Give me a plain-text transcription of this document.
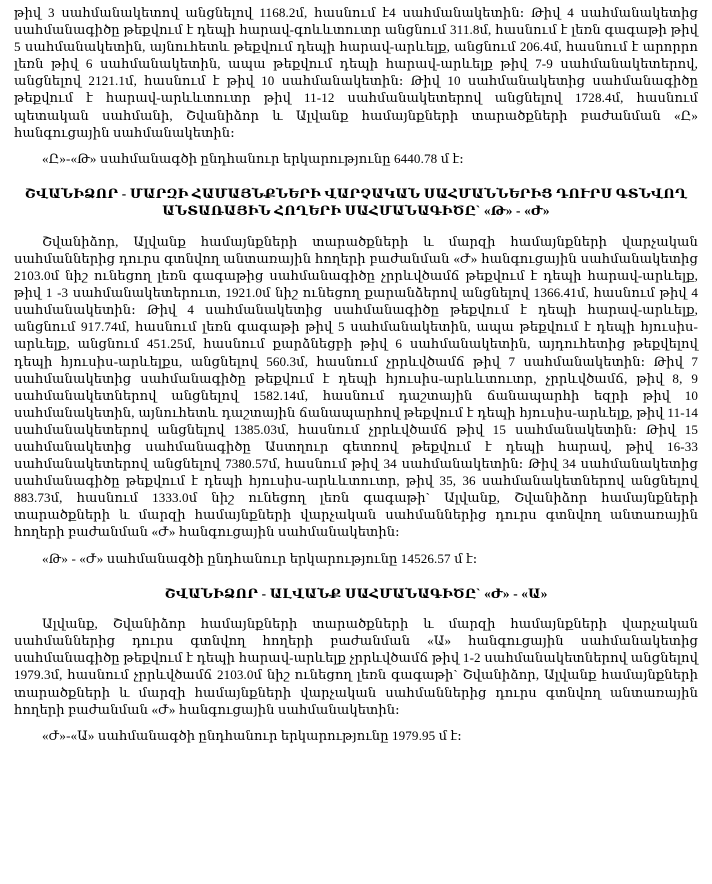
թիվ 3 սահմանակետով անցնելով 1168.2մ, հասնում է4 սահմանակետին։ Թիվ 4 սահմանակետից սահմանագիծը թեքվում է դեպի հարավ-գոևևտուտր անցնում 311.8մ, հասնում է լեռն գագաթի թիվ 5 սահմանակետին, այնուհետև թեքվում դեպի հարավ-արևելք, անցնում 206.4մ, հասնում է արորրո լեռն թիվ 6 սահմանակետին, ապա թեքվում դեպի հարավ-արևելք թիվ 7-9 սահմանակետերով, անցնելով 2121.1մ, հասնում է թիվ 10 սահմանակետին։ Թիվ 10 սահմանակետից սահմանագիծը թեքվում է հարավ-արևևտուտր թիվ 11-12 սահմանակետերով անցնելով 1728.4մ, հասնում պետական սահմանի, Շվանիձոր և Ալվանք համայնքների տարածքների բաժանման «Ը» հանգուցային սահմանակետին։

«Ը»-«Թ» սահմանագծի ընդհանուր երկարությունը 6440.78 մ է։

ՇՎԱՆԻՁՈՐ - ՄԱՐԶԻ ՀԱՄԱՅՆՔՆԵՐԻ ՎԱՐՉԱԿԱՆ ՍԱՀՄԱՆՆԵՐԻՑ ԴՈՒՐՍ ԳՏՆՎՈՂ

ԱՆՏԱՌԱՅԻՆ ՀՈՂԵՐԻ ՍԱՀՄԱՆԱԳԻԾԸ` «Թ» - «Ժ»

Շվանիձոր, Ալվանք համայնքների տարածքների և մարզի համայնքների վարչական սահմաններից դուրս գտնվող անտառային հողերի բաժանման «Ժ» հանգուցային սահմանակետից 2103.0մ նիշ ունեցող լեռն գագաթից սահմանագիծը չրրևվծամճ թեքվում է դեպի հարավ-արևելք, թիվ 1 -3 սահմանակետերուտ, 1921.0մ նիշ ունեցող քարանձերով անցնելով 1366.41մ, հասնում թիվ 4 սահմանակետին։ Թիվ 4 սահմանակետից սահմանագիծը թեքվում է դեպի հարավ-արևելք, անցնում 917.74մ, հասնում լեռն գագաթի թիվ 5 սահմանակետին, ապա թեքվում է դեպի հյուսիս-արևելք, անցնում 451.25մ, հասնում քարձնեցբի թիվ 6 սահմանակետին, այդուհետից թեքվելով դեպի հյուսիս-արևելքս, անցնելով 560.3մ, հասնում չրրևվծամճ թիվ 7 սահմանակետին։ Թիվ 7 սահմանակետից սահմանագիծը թեքվում է դեպի հյուսիս-արևևտուտր, չրրևվծամճ, թիվ 8, 9 սահմանակետներով անցնելով 1582.14մ, հասնում դաշտային ճանապարհի եզրի թիվ 10 սահմանակետին, այնուհետև դաշտային ճանապարհով թեքվում է դեպի հյուսիս-արևելք, թիվ 11-14 սահմանակետերով անցնելով 1385.03մ, հասնում չրրևվծամճ թիվ 15 սահմանակետին։ Թիվ 15 սահմանակետից սահմանագիծը Աստղուր գետռով թեքվում է դեպի հարավ, թիվ 16-33 սահմանակետերով անցնելով 7380.57մ, հասնում թիվ 34 սահմանակետին։ Թիվ 34 սահմանակետից սահմանագիծը թեքվում է դեպի հյուսիս-արևևտուտր, թիվ 35, 36 սահմանակետներով անցնելով 883.73մ, հասնում 1333.0մ նիշ ունեցող լեռն գագաթի` Ալվանք, Շվանիձոր համայնքների տարածքների և մարզի համայնքների վարչական սահմաններից դուրս գտնվող անտառային հողերի բաժանման «Ժ» հանգուցային սահմանակետին։

«Թ» - «Ժ» սահմանագծի ընդհանուր երկարությունը 14526.57 մ է։

ՇՎԱՆԻՁՈՐ - ԱԼՎԱՆՔ ՍԱՀՄԱՆԱԳԻԾԸ` «Ժ» - «Ա»

Ալվանք, Շվանիձոր համայնքների տարածքների և մարզի համայնքների վարչական սահմաններից դուրս գտնվող հողերի բաժանման «Ա» հանգուցային սահմանակետից սահմանագիծը թեքվում է դեպի հարավ-արևելք չրրևվծամճ թիվ 1-2 սահմանակետներով անցնելով 1979.3մ, հասնում չրրևվծամճ 2103.0մ նիշ ունեցող լեռն գագաթի` Շվանիձոր, Ալվանք համայնքների տարածքների և մարզի համայնքների վարչական սահմաններից դուրս գտնվող անտառային հողերի բաժանման «Ժ» հանգուցային սահմանակետին։

«Ժ»-«Ա» սահմանագծի ընդհանուր երկարությունը 1979.95 մ է։
